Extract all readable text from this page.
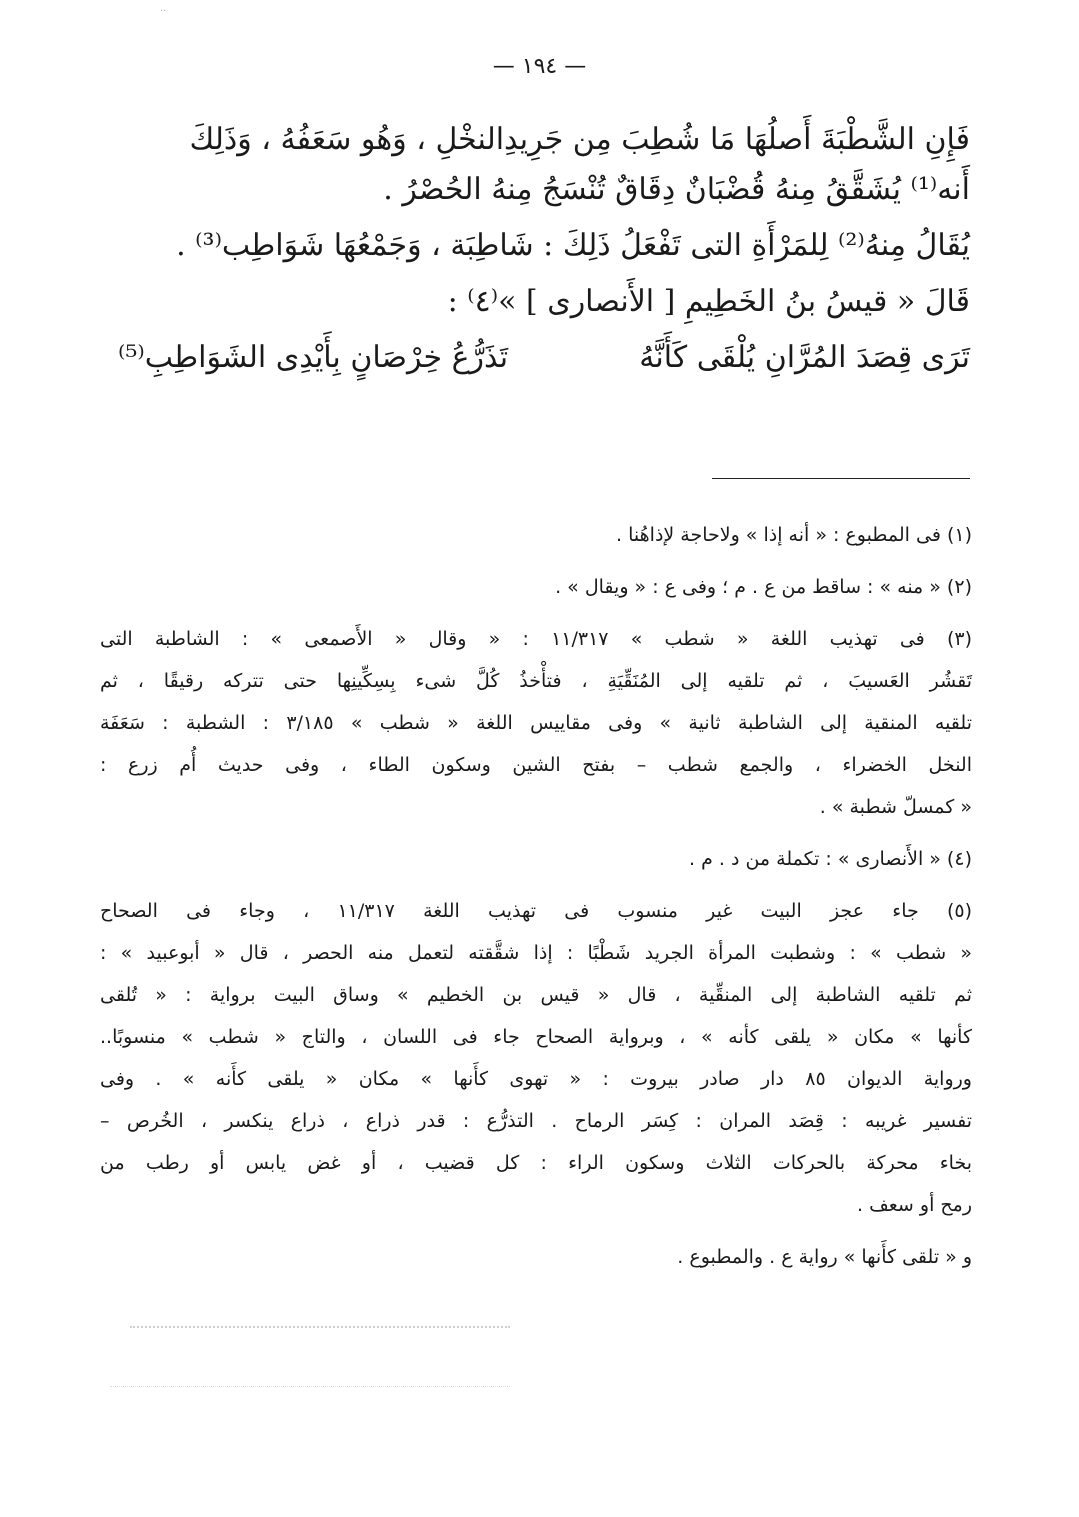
··
— ١٩٤ —

فَإِنِ الشَّطْبَةَ أَصلُهَا مَا شُطِبَ مِن جَرِيدِالنخْلِ ، وَهُو سَعَفُهُ ، وَذَلِكَ

أَنه⁽¹⁾ يُشَقَّقُ مِنهُ قُضْبَانٌ دِقَاقٌ تُنْسَجُ مِنهُ الحُصْرُ .

يُقَالُ مِنهُ⁽²⁾ لِلمَرْأَةِ التى تَفْعَلُ ذَلِكَ : شَاطِبَة ، وَجَمْعُهَا شَوَاطِب⁽³⁾ .

قَالَ « قيسُ بنُ الخَطِيمِ [ الأَنصارى ] »⁽٤⁾ :

تَرَى قِصَدَ المُرَّانِ يُلْقَى كَأَنَّهُ
تَذَرُّعُ خِرْصَانٍ بِأَيْدِى الشَوَاطِبِ⁽⁵⁾

(١) فى المطبوع : « أنه إذا » ولاحاجة لإذاهُنا .

(٢) « منه » : ساقط من ع . م ؛ وفى ع : « ويقال » .

(٣) فى تهذيب اللغة « شطب » ١١/٣١٧ : « وقال « الأَصمعى » : الشاطبة التى

تَقشُر العَسيبَ ، ثم تلقيه إلى المُنَقِّيَةِ ، فتأْخذُ كُلَّ شىء بِسِكِّينِها حتى تتركه رقيقًا ، ثم

تلقيه المنقية إلى الشاطبة ثانية » وفى مقاييس اللغة « شطب » ٣/١٨٥ : الشطبة : سَعَفَة

النخل الخضراء ، والجمع شطب – بفتح الشين وسكون الطاء ، وفى حديث أُم زرع :

« كمسلّ شطبة » .

(٤) « الأَنصارى » : تكملة من د . م .

(٥) جاء عجز البيت غير منسوب فى تهذيب اللغة ١١/٣١٧ ، وجاء فى الصحاح

« شطب » : وشطبت المرأة الجريد شَطْبًا : إذا شقَّقته لتعمل منه الحصر ، قال « أبوعبيد » :

ثم تلقيه الشاطبة إلى المنقِّية ، قال « قيس بن الخطيم » وساق البيت برواية : « تُلقى

كأنها » مكان « يلقى كأنه » ، وبرواية الصحاح جاء فى اللسان ، والتاج « شطب » منسوبًا..

ورواية الديوان ٨٥ دار صادر بيروت : « تهوى كأَنها » مكان « يلقى كأَنه » . وفى

تفسير غريبه : قِصَد المران : كِسَر الرماح . التذرُّع : قدر ذراع ، ذراع ينكسر ، الخُرص –

بخاء محركة بالحركات الثلاث وسكون الراء : كل قضيب ، أو غض يابس أو رطب من

رمح أو سعف .

و « تلقى كأَنها » رواية ع . والمطبوع .
